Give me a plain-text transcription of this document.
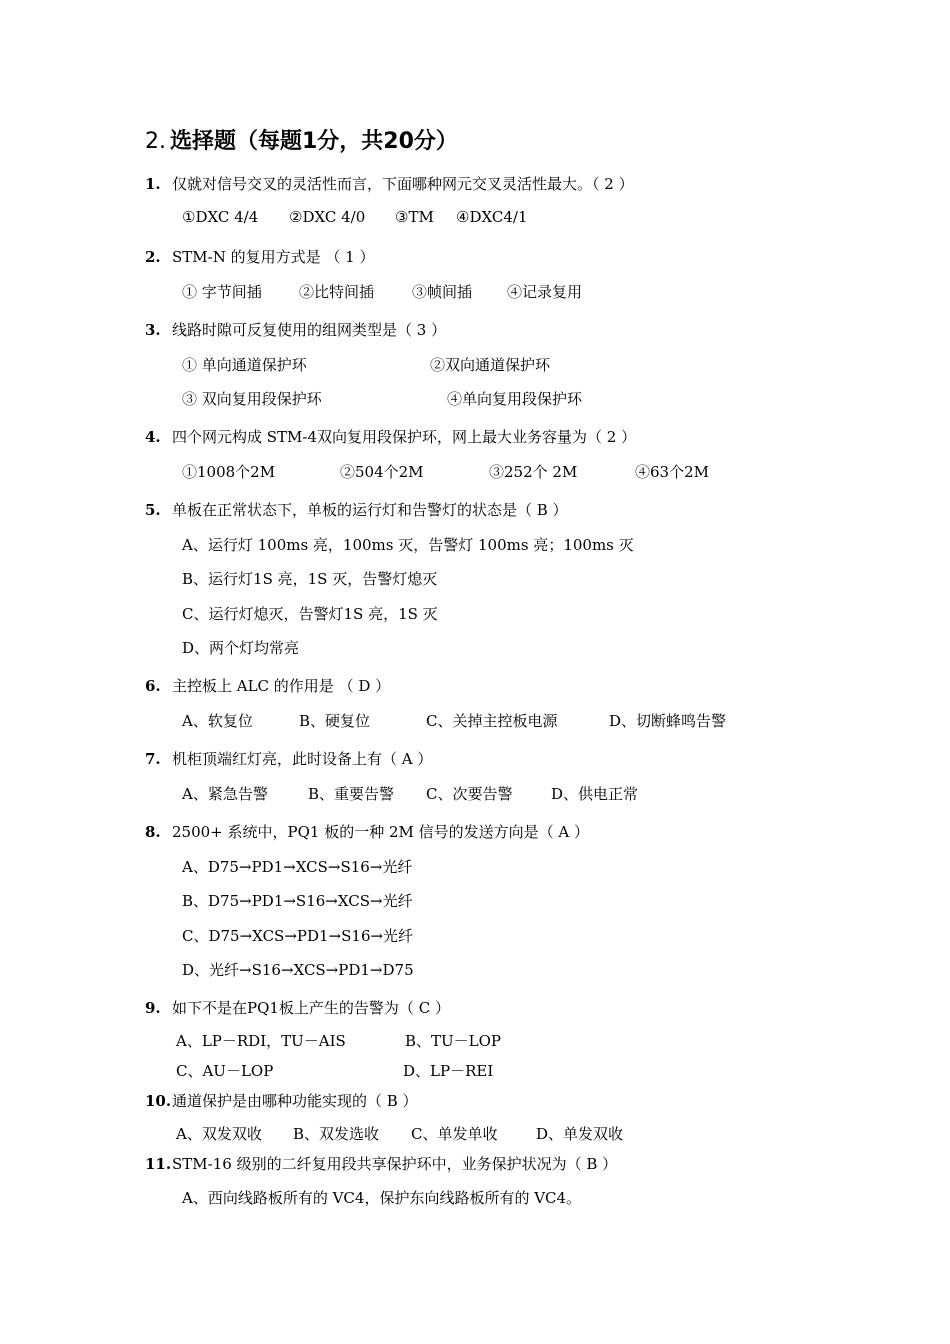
2. 选择题（每题1分，共20分）
1. 仅就对信号交叉的灵活性而言，下面哪种网元交叉灵活性最大。（ 2 ）
①DXC 4/4 ②DXC 4/0 ③TM ④DXC4/1
2. STM-N 的复用方式是 （ 1 ）
① 字节间插 ②比特间插	③帧间插 ④记录复用
3. 线路时隙可反复使用的组网类型是（ 3 ）
① 单向通道保护环	②双向通道保护环
③ 双向复用段保护环	④单向复用段保护环
4. 四个网元构成 STM-4双向复用段保护环，网上最大业务容量为（ 2 ）
①1008个2M	②504个2M	③252个 2M	④63个2M
5. 单板在正常状态下，单板的运行灯和告警灯的状态是（ B ）
A、运行灯 100ms 亮，100ms 灭，告警灯 100ms 亮；100ms 灭
B、运行灯1S 亮，1S 灭，告警灯熄灭
C、运行灯熄灭，告警灯1S 亮，1S 灭
D、两个灯均常亮
6. 主控板上 ALC 的作用是 （ D ）
A、软复位	B、硬复位	C、关掉主控板电源	D、切断蜂鸣告警
7. 机柜顶端红灯亮，此时设备上有（ A ）
A、紧急告警	B、重要告警 C、次要告警	D、供电正常
8. 2500+ 系统中，PQ1 板的一种 2M 信号的发送方向是（ A ）
A、D75→PD1→XCS→S16→光纤
B、D75→PD1→S16→XCS→光纤
C、D75→XCS→PD1→S16→光纤
D、光纤→S16→XCS→PD1→D75
9. 如下不是在PQ1板上产生的告警为（ C ）
A、LP－RDI，TU－AIS	B、TU－LOP
C、AU－LOP	D、LP－REI
10.通道保护是由哪种功能实现的（ B ）
A、双发双收 B、双发选收 C、单发单收	D、单发双收
11.STM-16 级别的二纤复用段共享保护环中，业务保护状况为（ B ）
A、西向线路板所有的 VC4，保护东向线路板所有的 VC4。
